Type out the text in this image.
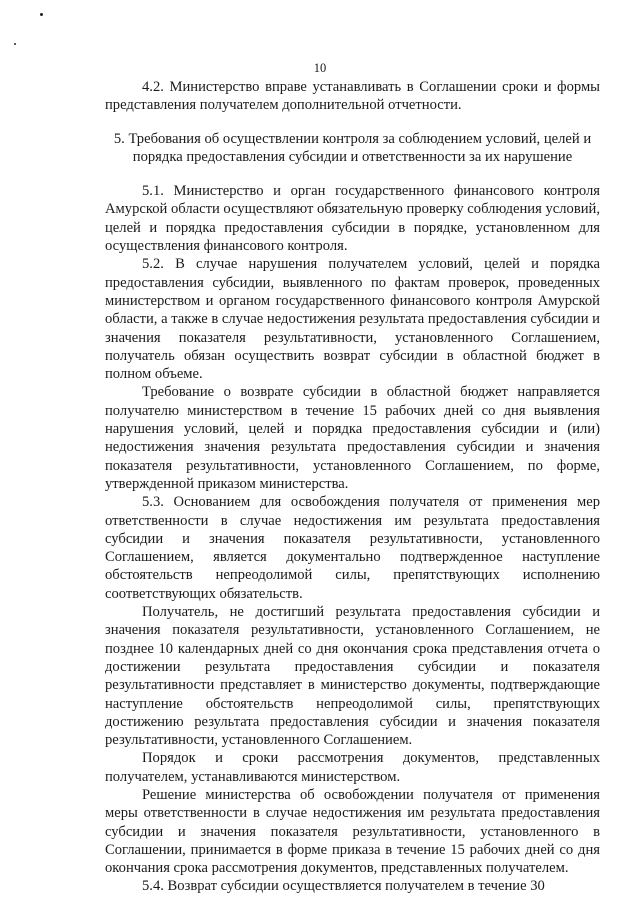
10

4.2. Министерство вправе устанавливать в Соглашении сроки и формы представления получателем дополнительной отчетности.

5. Требования об осуществлении контроля за соблюдением условий, целей и порядка предоставления субсидии и ответственности за их нарушение

5.1. Министерство и орган государственного финансового контроля Амурской области осуществляют обязательную проверку соблюдения условий, целей и порядка предоставления субсидии в порядке, установленном для осуществления финансового контроля.

5.2. В случае нарушения получателем условий, целей и порядка предоставления субсидии, выявленного по фактам проверок, проведенных министерством и органом государственного финансового контроля Амурской области, а также в случае недостижения результата предоставления субсидии и значения показателя результативности, установленного Соглашением, получатель обязан осуществить возврат субсидии в областной бюджет в полном объеме.

Требование о возврате субсидии в областной бюджет направляется получателю министерством в течение 15 рабочих дней со дня выявления нарушения условий, целей и порядка предоставления субсидии и (или) недостижения значения результата предоставления субсидии и значения показателя результативности, установленного Соглашением, по форме, утвержденной приказом министерства.

5.3. Основанием для освобождения получателя от применения мер ответственности в случае недостижения им результата предоставления субсидии и значения показателя результативности, установленного Соглашением, является документально подтвержденное наступление обстоятельств непреодолимой силы, препятствующих исполнению соответствующих обязательств.

Получатель, не достигший результата предоставления субсидии и значения показателя результативности, установленного Соглашением, не позднее 10 календарных дней со дня окончания срока представления отчета о достижении результата предоставления субсидии и показателя результативности представляет в министерство документы, подтверждающие наступление обстоятельств непреодолимой силы, препятствующих достижению результата предоставления субсидии и значения показателя результативности, установленного Соглашением.

Порядок и сроки рассмотрения документов, представленных получателем, устанавливаются министерством.

Решение министерства об освобождении получателя от применения меры ответственности в случае недостижения им результата предоставления субсидии и значения показателя результативности, установленного в Соглашении, принимается в форме приказа в течение 15 рабочих дней со дня окончания срока рассмотрения документов, представленных получателем.

5.4. Возврат субсидии осуществляется получателем в течение 30
